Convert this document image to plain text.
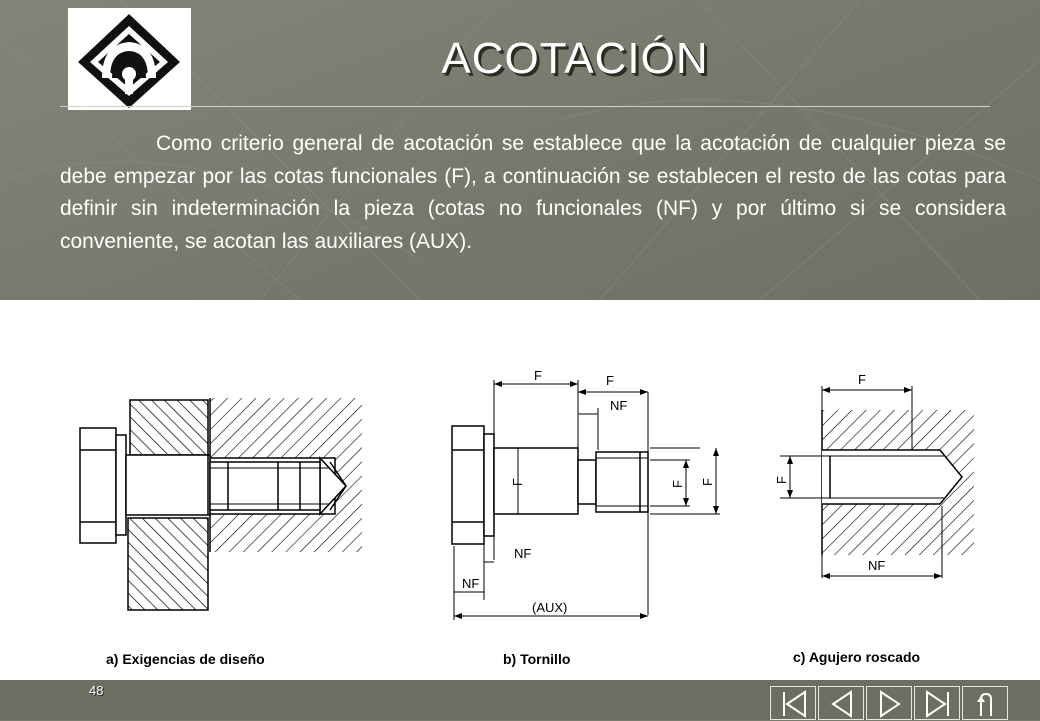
ACOTACIÓN

Como criterio general de acotación se establece que la acotación de cualquier pieza se debe empezar por las cotas funcionales (F), a continuación se establecen el resto de las cotas para definir sin indeterminación la pieza (cotas no funcionales (NF) y por último si se considera conveniente, se acotan las auxiliares (AUX).

F	F
NF
NF
NF
(AUX)
F
NF
F	F F	F
a) Exigencias de diseño	b) Tornillo	c) Agujero roscado
48
